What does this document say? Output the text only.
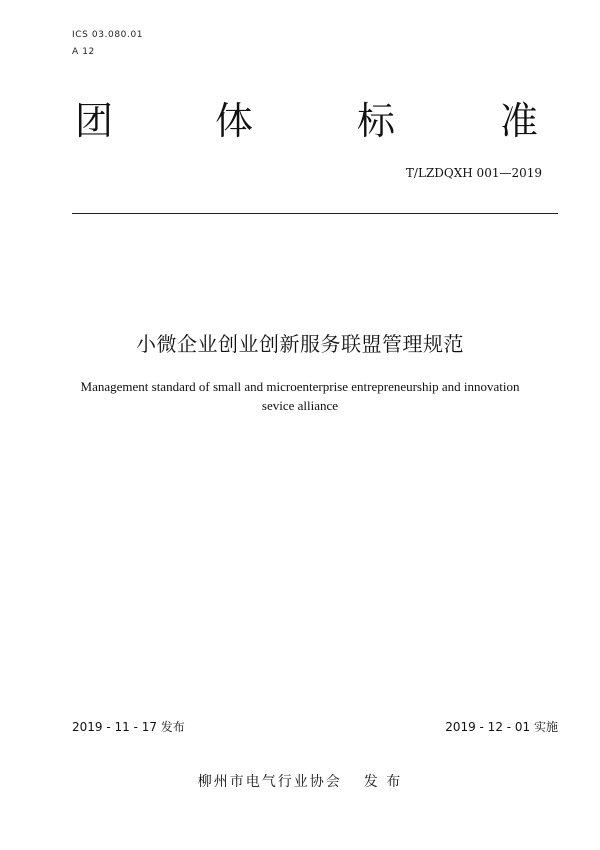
ICS 03.080.01
A 12
团	体	标	准
T/LZDQXH 001—2019
小微企业创业创新服务联盟管理规范
Management standard of small and microenterprise entrepreneurship and innovation
sevice alliance
2019 - 11 - 17 发布	2019 - 12 - 01 实施
柳州市电气行业协会 发 布
